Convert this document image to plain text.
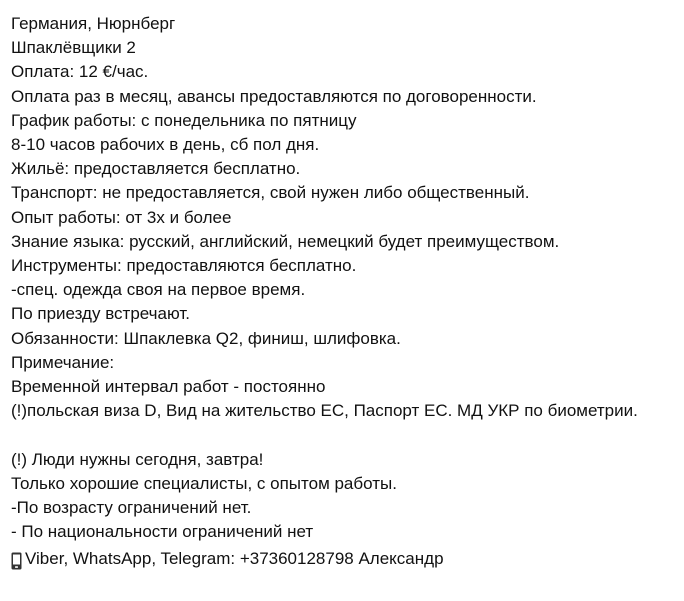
Германия, Нюрнберг
Шпаклёвщики 2
Оплата: 12 €/час.
Оплата раз в месяц, авансы предоставляются по договоренности.
График работы: с понедельника по пятницу
8-10 часов рабочих в день, сб пол дня.
Жильё: предоставляется бесплатно.
Транспорт: не предоставляется, свой нужен либо общественный.
Опыт работы: от 3х и более
Знание языка: русский, английский, немецкий будет преимуществом.
Инструменты: предоставляются бесплатно.
-спец. одежда своя на первое время.
По приезду встречают.
Обязанности: Шпаклевка Q2, финиш, шлифовка.
Примечание:
Временной интервал работ - постоянно
(!)польская виза D, Вид на жительство ЕС, Паспорт ЕС. МД УКР по биометрии.
(!) Люди нужны сегодня, завтра!
Только хорошие специалисты, с опытом работы.
-По возрасту ограничений нет.
- По национальности ограничений нет
Viber, WhatsApp, Telegram: +37360128798 Александр
